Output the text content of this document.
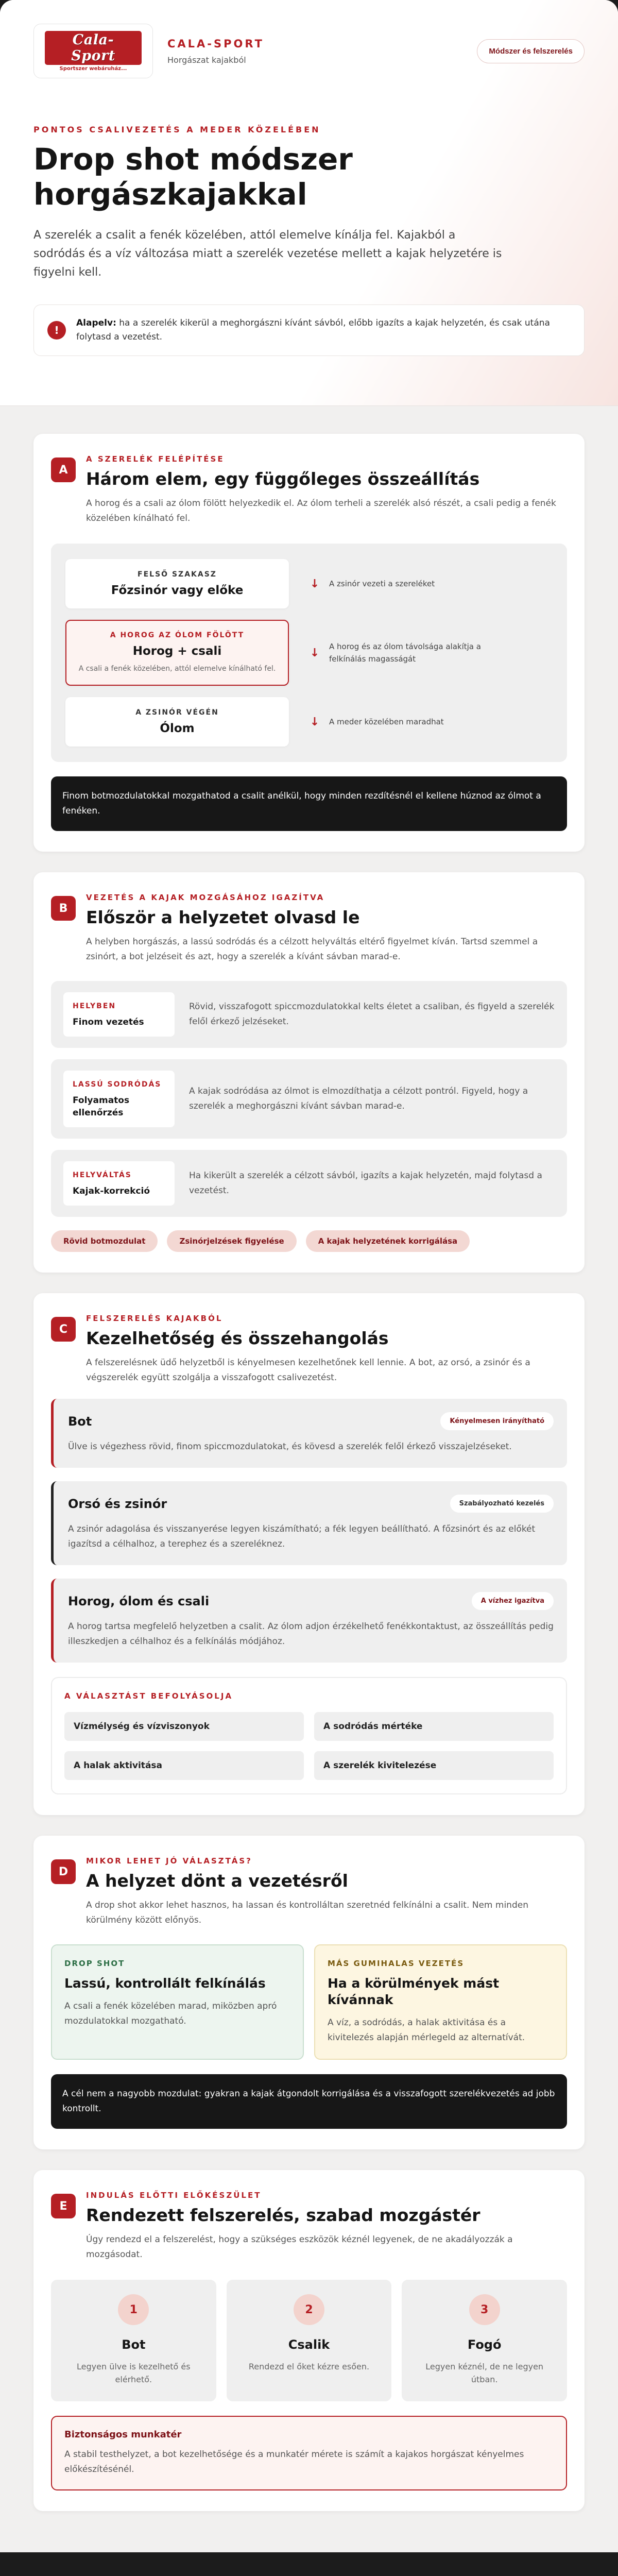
Cala-Sport
Sportszer webáruház...
CALA-SPORT
Horgászat kajakból
Módszer és felszerelés
PONTOS CSALIVEZETÉS A MEDER KÖZELÉBEN
Drop shot módszer horgászkajakkal

A szerelék a csalit a fenék közelében, attól elemelve kínálja fel. Kajakból a sodródás és a víz változása miatt a szerelék vezetése mellett a kajak helyzetére is figyelni kell.

!

Alapelv: ha a szerelék kikerül a meghorgászni kívánt sávból, előbb igazíts a kajak helyzetén, és csak utána folytasd a vezetést.

A
A SZERELÉK FELÉPÍTÉSE
Három elem, egy függőleges összeállítás
A horog és a csali az ólom fölött helyezkedik el. Az ólom terheli a szerelék alsó részét, a csali pedig a fenék közelében kínálható fel.
FELSŐ SZAKASZ
Főzsinór vagy előke	↓	A zsinór vezeti a szereléket
A HOROG AZ ÓLOM FÖLÖTT
Horog + csali
A csali a fenék közelében, attól elemelve kínálható fel.
↓	A horog és az ólom távolsága alakítja a felkínálás magasságát
A ZSINÓR VÉGÉN
Ólom	↓	A meder közelében maradhat
Finom botmozdulatokkal mozgathatod a csalit anélkül, hogy minden rezdítésnél el kellene húznod az ólmot a fenéken.
B
VEZETÉS A KAJAK MOZGÁSÁHOZ IGAZÍTVA
Először a helyzetet olvasd le
A helyben horgászás, a lassú sodródás és a célzott helyváltás eltérő figyelmet kíván. Tartsd szemmel a zsinórt, a bot jelzéseit és azt, hogy a szerelék a kívánt sávban marad-e.
HELYBEN
Finom vezetés
Rövid, visszafogott spiccmozdulatokkal kelts életet a csaliban, és figyeld a szerelék felől érkező jelzéseket.
LASSÚ SODRÓDÁS
Folyamatos ellenőrzés
A kajak sodródása az ólmot is elmozdíthatja a célzott pontról. Figyeld, hogy a szerelék a meghorgászni kívánt sávban marad-e.
HELYVÁLTÁS
Kajak-korrekció
Ha kikerült a szerelék a célzott sávból, igazíts a kajak helyzetén, majd folytasd a vezetést.
Rövid botmozdulat	Zsinórjelzések figyelése	A kajak helyzetének korrigálása
C
FELSZERELÉS KAJAKBÓL
Kezelhetőség és összehangolás
A felszerelésnek üdő helyzetből is kényelmesen kezelhetőnek kell lennie. A bot, az orsó, a zsinór és a végszerelék együtt szolgálja a visszafogott csalivezetést.
Bot	Kényelmesen irányítható
Ülve is végezhess rövid, finom spiccmozdulatokat, és kövesd a szerelék felől érkező visszajelzéseket.
Orsó és zsinór	Szabályozható kezelés
A zsinór adagolása és visszanyerése legyen kiszámítható; a fék legyen beállítható. A főzsinórt és az előkét igazítsd a célhalhoz, a terephez és a szereléknez.
Horog, ólom és csali	A vízhez igazítva
A horog tartsa megfelelő helyzetben a csalit. Az ólom adjon érzékelhető fenékkontaktust, az összeállítás pedig illeszkedjen a célhalhoz és a felkínálás módjához.
A VÁLASZTÁST BEFOLYÁSOLJA
Vízmélység és vízviszonyok	A sodródás mértéke
A halak aktivitása	A szerelék kivitelezése
D
MIKOR LEHET JÓ VÁLASZTÁS?
A helyzet dönt a vezetésről
A drop shot akkor lehet hasznos, ha lassan és kontrolláltan szeretnéd felkínálni a csalit. Nem minden körülmény között előnyös.
DROP SHOT
Lassú, kontrollált felkínálás
A csali a fenék közelében marad, miközben apró mozdulatokkal mozgatható.
MÁS GUMIHALAS VEZETÉS
Ha a körülmények mást kívánnak
A víz, a sodródás, a halak aktivitása és a kivitelezés alapján mérlegeld az alternatívát.
A cél nem a nagyobb mozdulat: gyakran a kajak átgondolt korrigálása és a visszafogott szerelékvezetés ad jobb kontrollt.
E
INDULÁS ELŐTTI ELŐKÉSZÜLET
Rendezett felszerelés, szabad mozgástér
Úgy rendezd el a felszerelést, hogy a szükséges eszközök kéznél legyenek, de ne akadályozzák a mozgásodat.
1
Bot
Legyen ülve is kezelhető és elérhető.
2
Csalik
Rendezd el őket kézre esően.
3
Fogó
Legyen kéznél, de ne legyen útban.
Biztonságos munkatér
A stabil testhelyzet, a bot kezelhetősége és a munkatér mérete is számít a kajakos horgászat kényelmes előkészítésénél.
